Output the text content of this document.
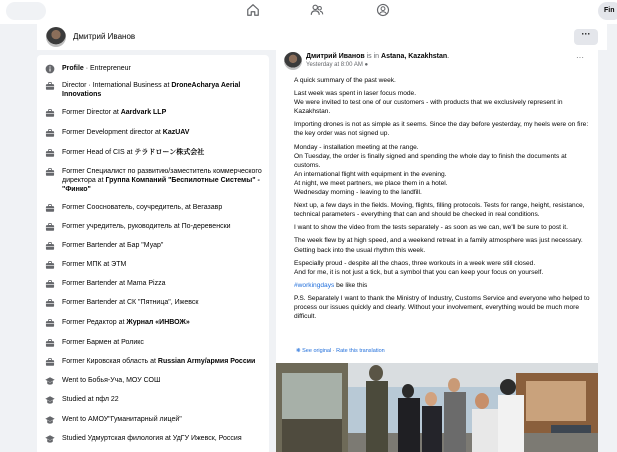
Fin
Дмитрий Иванов	···
Profile · Entrepreneur
Director · International Business at DroneAcharya Aerial Innovations
Former Director at Aardvark LLP
Former Development director at KazUAV
Former Head of CIS at テラドローン株式会社
Former Специалист по развитию/заместитель коммерческого директора at Группа Компаний "Беспилотные Системы" - "Финко"
Former Сооснователь, соучредитель, at Вегазавр
Former учредитель, руководитель at По-деревенски
Former Bartender at Бар "Муар"
Former МПК at ЭТМ
Former Bartender at Mama Pizza
Former Bartender at СК "Пятница", Ижевск
Former Редактор at Журнал «ИНВОЖ»
Former Бармен at Роликс
Former Кировская область at Russian Army/армия России
Went to Бобья-Уча, МОУ СОШ
Studied at пфл 22
Went to АМОУ"Гуманитарный лицей"
Studied Удмуртская филология at УдГУ Ижевск, Россия
Дмитрий Иванов is in Astana, Kazakhstan.
Yesterday at 8:00 AM ●
···

A quick summary of the past week.

Last week was spent in laser focus mode.
We were invited to test one of our customers - with products that we exclusively represent in Kazakhstan.

Importing drones is not as simple as it seems. Since the day before yesterday, my heels were on fire: the key order was not signed up.

Monday - installation meeting at the range.
On Tuesday, the order is finally signed and spending the whole day to finish the documents at customs.
An international flight with equipment in the evening.
At night, we meet partners, we place them in a hotel.
Wednesday morning - leaving to the landfill.

Next up, a few days in the fields. Moving, flights, filling protocols. Tests for range, height, resistance, technical parameters - everything that can and should be checked in real conditions.

I want to show the video from the tests separately - as soon as we can, we'll be sure to post it.

The week flew by at high speed, and a weekend retreat in a family atmosphere was just necessary.
Getting back into the usual rhythm this week.

Especially proud - despite all the chaos, three workouts in a week were still closed.
And for me, it is not just a tick, but a symbol that you can keep your focus on yourself.

#workingdays be like this

P.S. Separately I want to thank the Ministry of Industry, Customs Service and everyone who helped to process our issues quickly and clearly. Without your involvement, everything would be much more difficult.

❋ See original · Rate this translation
